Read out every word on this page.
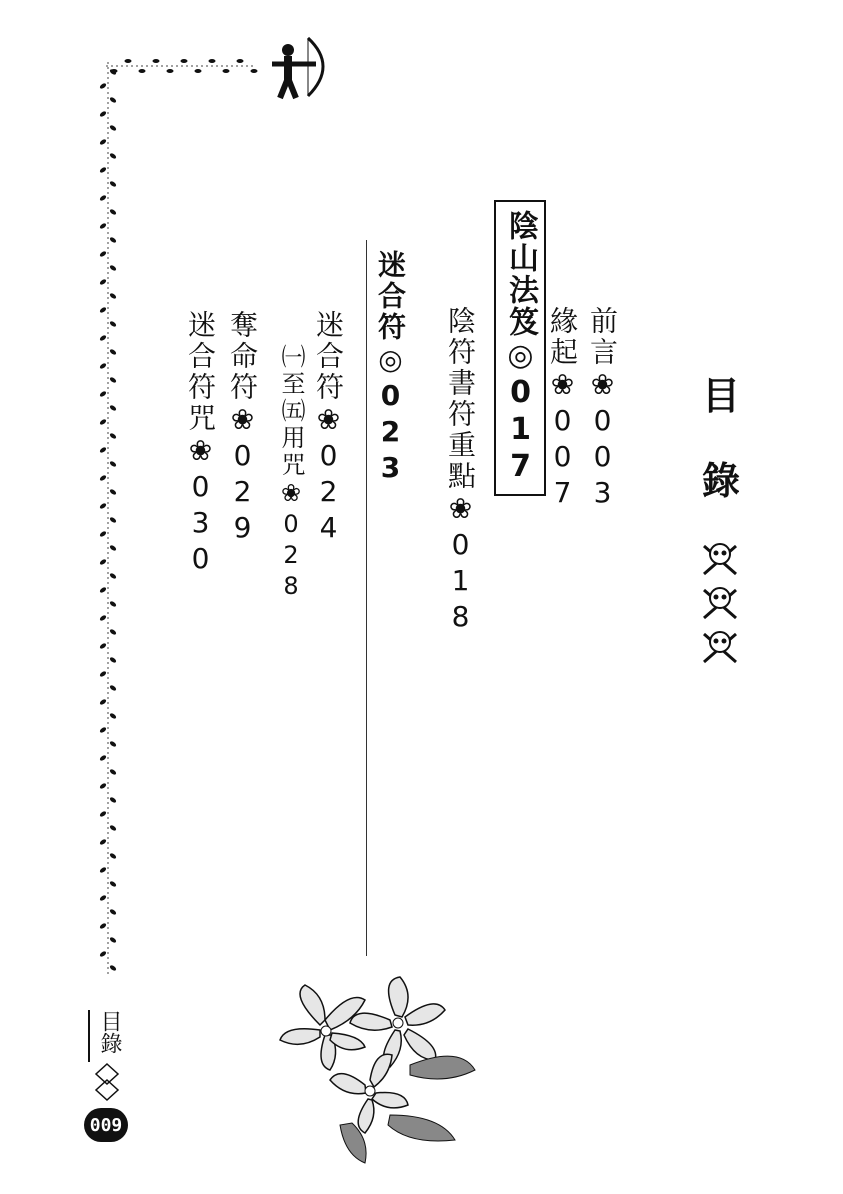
目
錄
前言❀003
緣起❀007
陰山法笈◎017
陰符書符重點❀018
迷合符◎023
迷合符❀024
㈠至㈤用咒❀028
奪命符❀029
迷合符咒❀030
目錄
009
